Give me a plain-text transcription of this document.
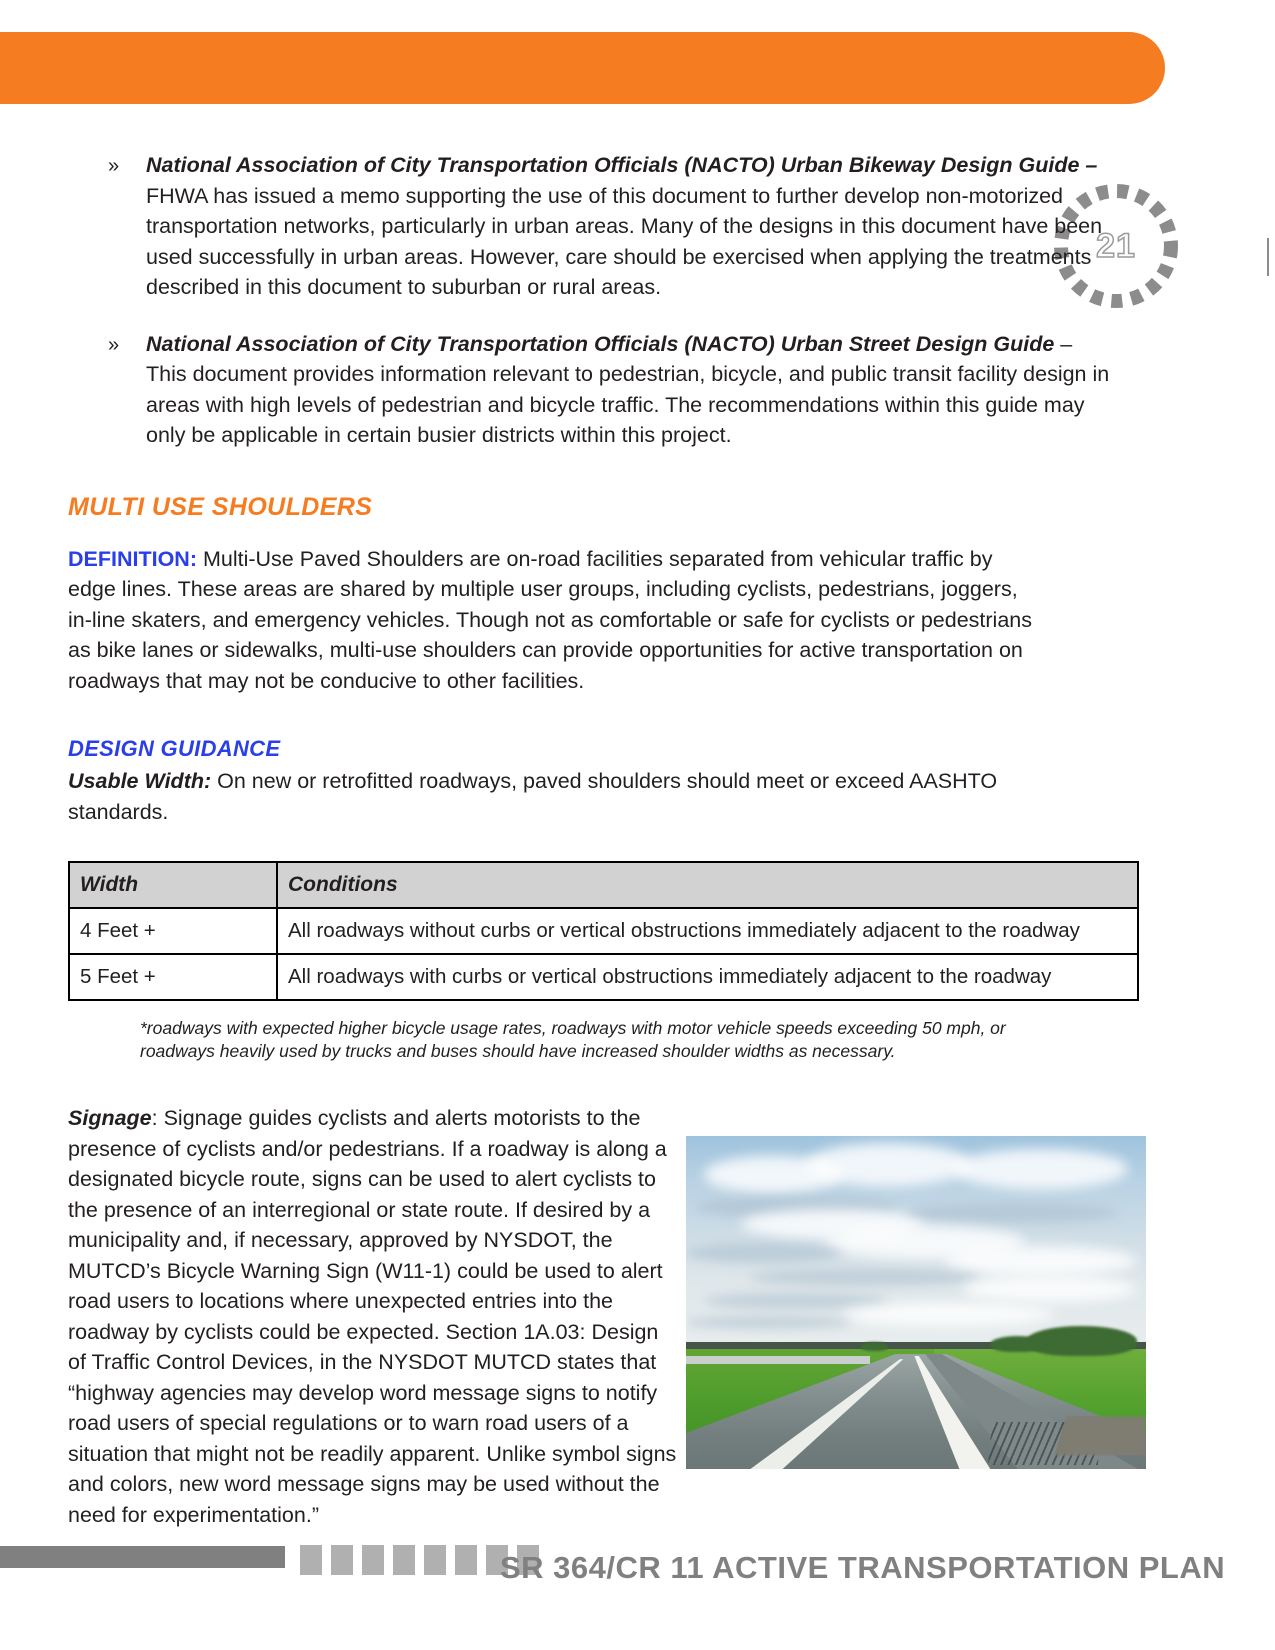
21
» National Association of City Transportation Officials (NACTO) Urban Bikeway Design Guide – FHWA has issued a memo supporting the use of this document to further develop non-motorized transportation networks, particularly in urban areas. Many of the designs in this document have been used successfully in urban areas. However, care should be exercised when applying the treatments described in this document to suburban or rural areas.
» National Association of City Transportation Officials (NACTO) Urban Street Design Guide – This document provides information relevant to pedestrian, bicycle, and public transit facility design in areas with high levels of pedestrian and bicycle traffic. The recommendations within this guide may only be applicable in certain busier districts within this project.
MULTI USE SHOULDERS

DEFINITION: Multi-Use Paved Shoulders are on-road facilities separated from vehicular traffic by edge lines. These areas are shared by multiple user groups, including cyclists, pedestrians, joggers, in-line skaters, and emergency vehicles. Though not as comfortable or safe for cyclists or pedestrians as bike lanes or sidewalks, multi-use shoulders can provide opportunities for active transportation on roadways that may not be conducive to other facilities.

DESIGN GUIDANCE

Usable Width: On new or retrofitted roadways, paved shoulders should meet or exceed AASHTO standards.

Width	Conditions
4 Feet +	All roadways without curbs or vertical obstructions immediately adjacent to the roadway
5 Feet +	All roadways with curbs or vertical obstructions immediately adjacent to the roadway

*roadways with expected higher bicycle usage rates, roadways with motor vehicle speeds exceeding 50 mph, or roadways heavily used by trucks and buses should have increased shoulder widths as necessary.

Signage: Signage guides cyclists and alerts motorists to the presence of cyclists and/or pedestrians. If a roadway is along a designated bicycle route, signs can be used to alert cyclists to the presence of an interregional or state route. If desired by a municipality and, if necessary, approved by NYSDOT, the MUTCD’s Bicycle Warning Sign (W11-1) could be used to alert road users to locations where unexpected entries into the roadway by cyclists could be expected. Section 1A.03: Design of Traffic Control Devices, in the NYSDOT MUTCD states that “highway agencies may develop word message signs to notify road users of special regulations or to warn road users of a situation that might not be readily apparent. Unlike symbol signs and colors, new word message signs may be used without the need for experimentation.”
SR 364/CR 11 ACTIVE TRANSPORTATION PLAN
